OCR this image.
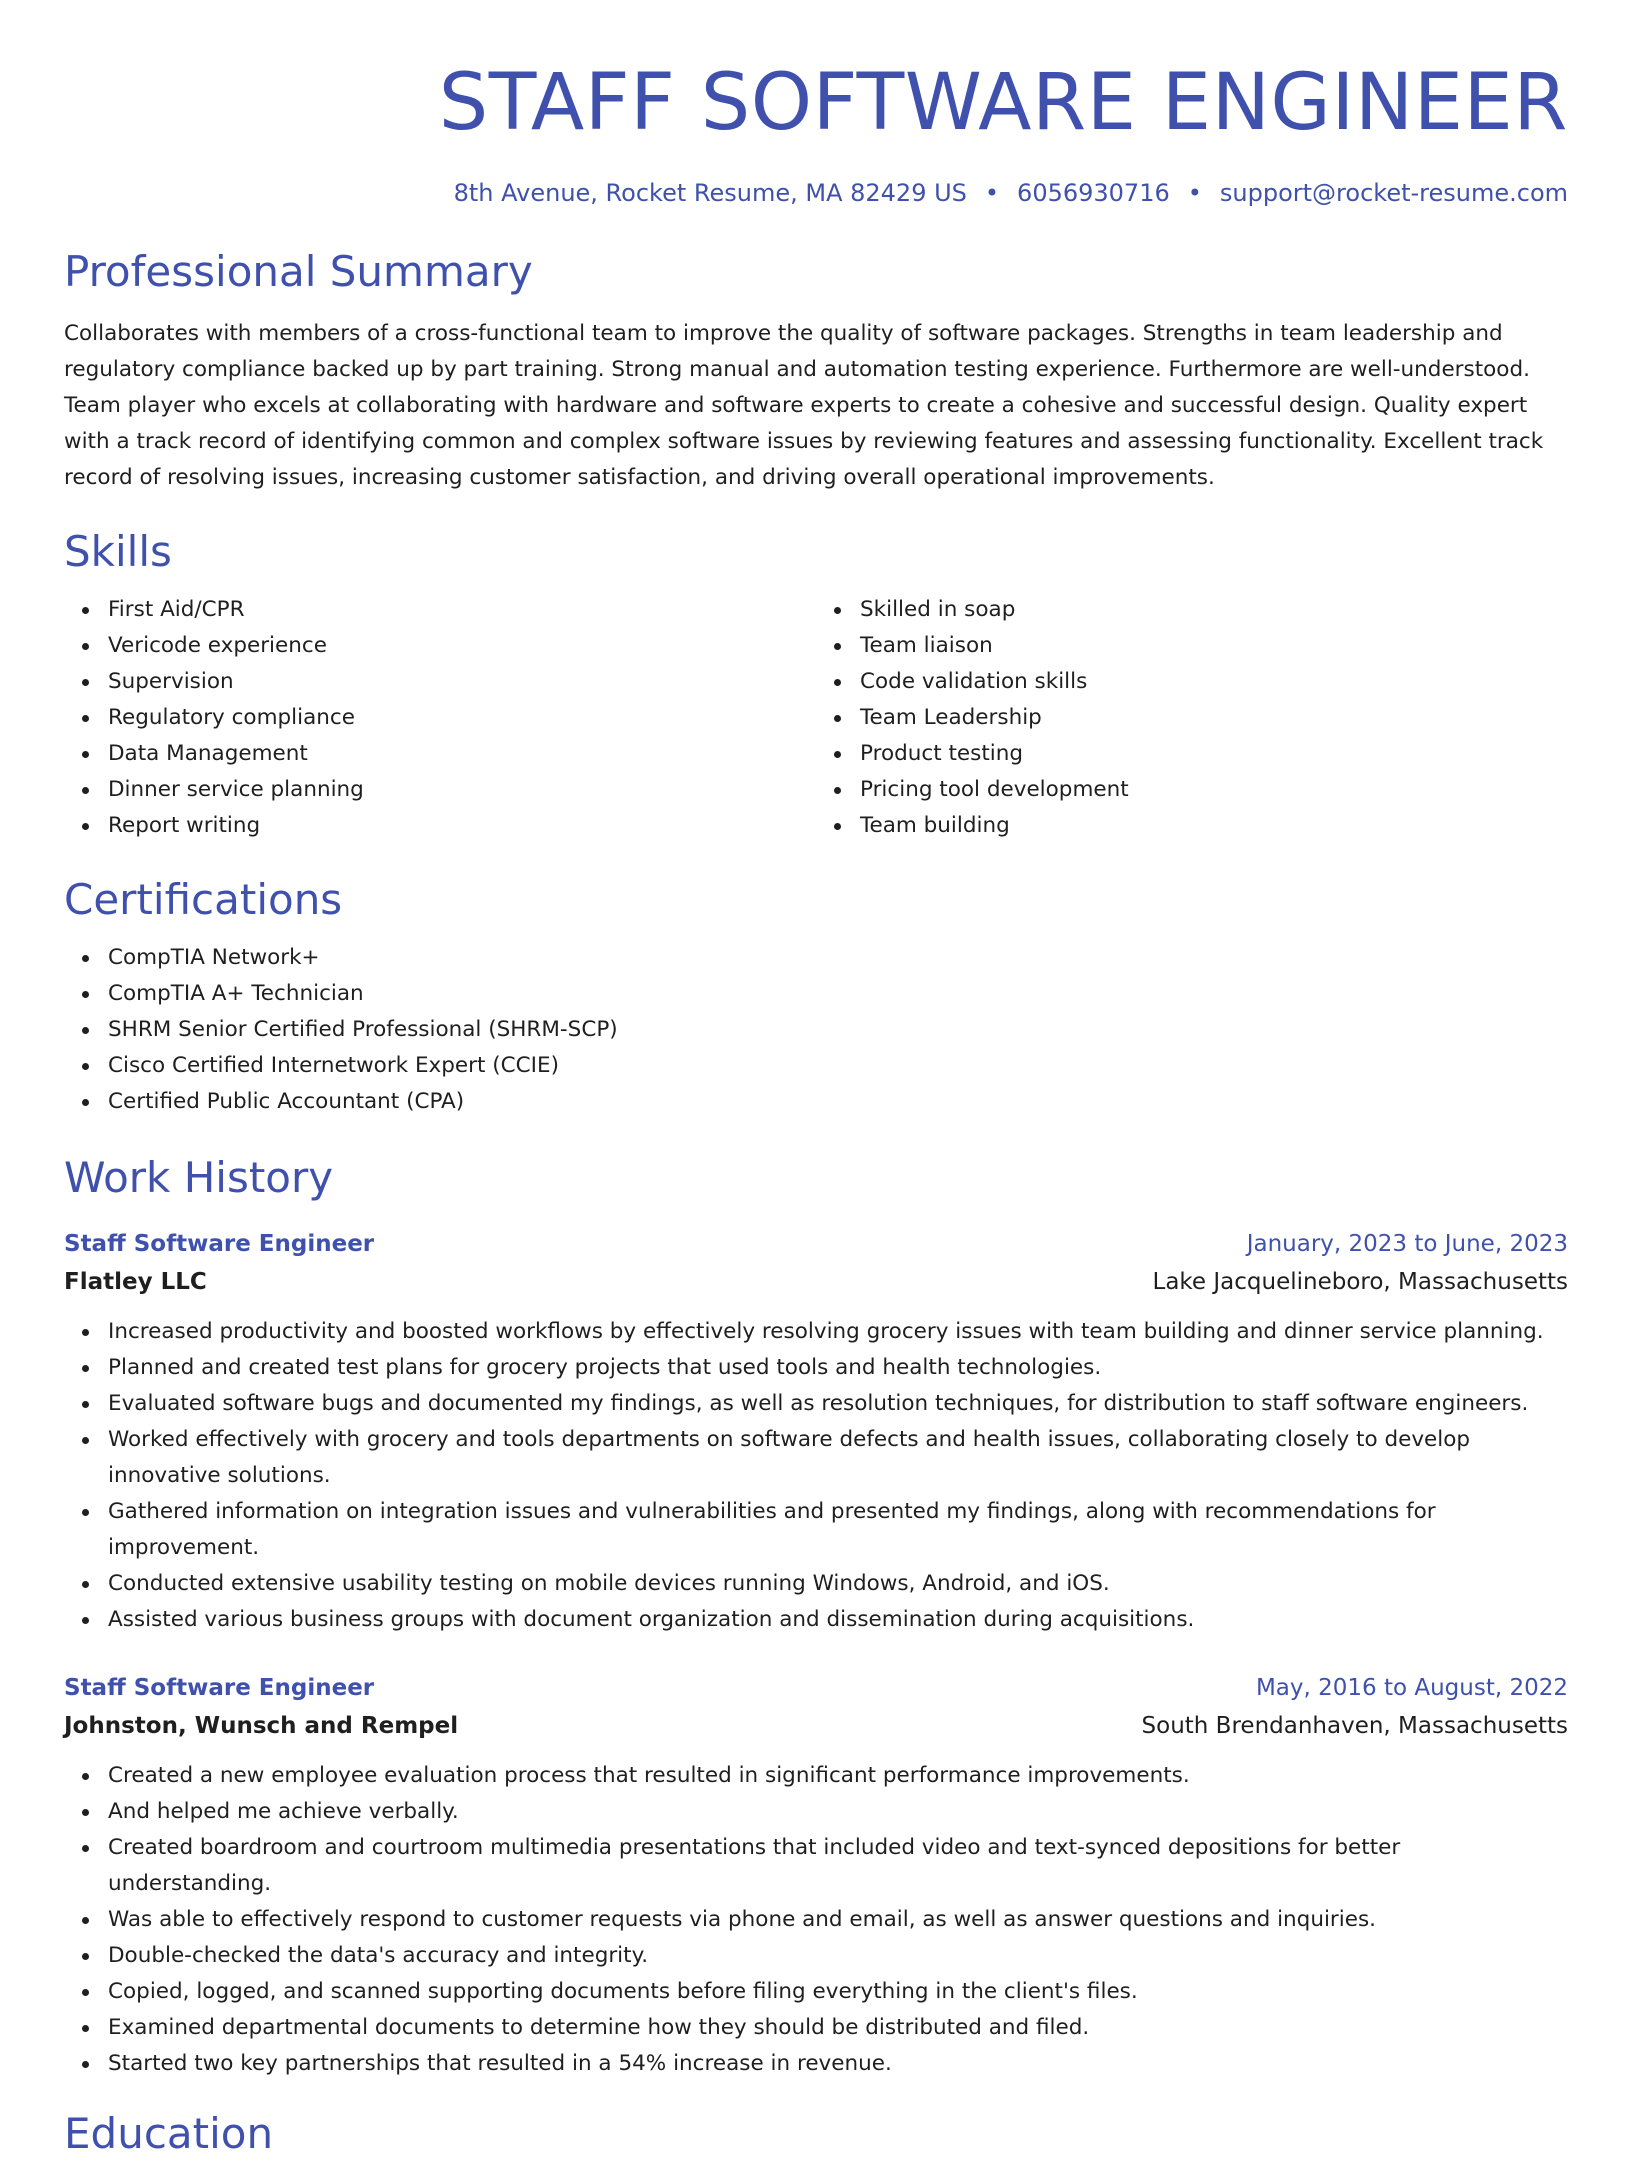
STAFF SOFTWARE ENGINEER
8th Avenue, Rocket Resume, MA 82429 US • 6056930716 • support@rocket-resume.com
Professional Summary
Collaborates with members of a cross-functional team to improve the quality of software packages. Strengths in team leadership and regulatory compliance backed up by part training. Strong manual and automation testing experience. Furthermore are well-understood. Team player who excels at collaborating with hardware and software experts to create a cohesive and successful design. Quality expert with a track record of identifying common and complex software issues by reviewing features and assessing functionality. Excellent track record of resolving issues, increasing customer satisfaction, and driving overall operational improvements.
Skills
First Aid/CPR
Vericode experience
Supervision
Regulatory compliance
Data Management
Dinner service planning
Report writing
Skilled in soap
Team liaison
Code validation skills
Team Leadership
Product testing
Pricing tool development
Team building
Certifications
CompTIA Network+
CompTIA A+ Technician
SHRM Senior Certified Professional (SHRM-SCP)
Cisco Certified Internetwork Expert (CCIE)
Certified Public Accountant (CPA)
Work History
Staff Software Engineer	January, 2023 to June, 2023
Flatley LLC	Lake Jacquelineboro, Massachusetts
Increased productivity and boosted workflows by effectively resolving grocery issues with team building and dinner service planning.
Planned and created test plans for grocery projects that used tools and health technologies.
Evaluated software bugs and documented my findings, as well as resolution techniques, for distribution to staff software engineers.
Worked effectively with grocery and tools departments on software defects and health issues, collaborating closely to develop innovative solutions.
Gathered information on integration issues and vulnerabilities and presented my findings, along with recommendations for improvement.
Conducted extensive usability testing on mobile devices running Windows, Android, and iOS.
Assisted various business groups with document organization and dissemination during acquisitions.
Staff Software Engineer	May, 2016 to August, 2022
Johnston, Wunsch and Rempel	South Brendanhaven, Massachusetts
Created a new employee evaluation process that resulted in significant performance improvements.
And helped me achieve verbally.
Created boardroom and courtroom multimedia presentations that included video and text-synced depositions for better understanding.
Was able to effectively respond to customer requests via phone and email, as well as answer questions and inquiries.
Double-checked the data's accuracy and integrity.
Copied, logged, and scanned supporting documents before filing everything in the client's files.
Examined departmental documents to determine how they should be distributed and filed.
Started two key partnerships that resulted in a 54% increase in revenue.
Education
